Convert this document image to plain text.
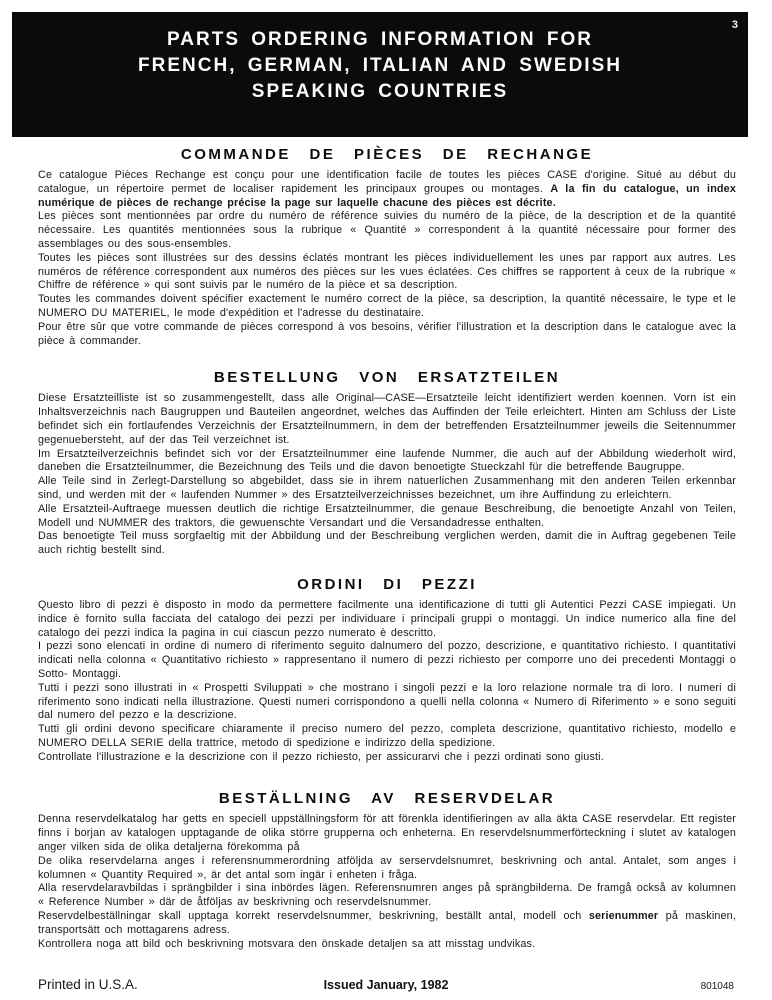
PARTS ORDERING INFORMATION FOR
FRENCH, GERMAN, ITALIAN AND SWEDISH
SPEAKING COUNTRIES
3
COMMANDE DE PIÈCES DE RECHANGE

Ce catalogue Pièces Rechange est conçu pour une identification facile de toutes les pièces CASE d'origine. Situé au début du catalogue, un répertoire permet de localiser rapidement les principaux groupes ou montages. A la fin du catalogue, un index numérique de pièces de rechange précise la page sur laquelle chacune des pièces est décrite.

Les pièces sont mentionnées par ordre du numéro de référence suivies du numéro de la pièce, de la description et de la quantité nécessaire. Les quantités mentionnées sous la rubrique « Quantité » correspondent à la quantité nécessaire pour former des assemblages ou des sous-ensembles.

Toutes les pièces sont illustrées sur des dessins éclatés montrant les pièces individuellement les unes par rapport aux autres. Les numéros de référence correspondent aux numéros des pièces sur les vues éclatées. Ces chiffres se rapportent à ceux de la rubrique « Chiffre de référence » qui sont suivis par le numéro de la pièce et sa description.

Toutes les commandes doivent spécifier exactement le numéro correct de la pièce, sa description, la quantité nécessaire, le type et le NUMERO DU MATERIEL, le mode d'expédition et l'adresse du destinataire.

Pour être sûr que votre commande de pièces correspond à vos besoins, vérifier l'illustration et la description dans le catalogue avec la pièce à commander.

BESTELLUNG VON ERSATZTEILEN

Diese Ersatzteilliste ist so zusammengestellt, dass alle Original—CASE—Ersatzteile leicht identifiziert werden koennen. Vorn ist ein Inhaltsverzeichnis nach Baugruppen und Bauteilen angeordnet, welches das Auffinden der Teile erleichtert. Hinten am Schluss der Liste befindet sich ein fortlaufendes Verzeichnis der Ersatzteilnummern, in dem der betreffenden Ersatzteilnummer jeweils die Seitennummer gegenuebersteht, auf der das Teil verzeichnet ist.

Im Ersatzteilverzeichnis befindet sich vor der Ersatzteilnummer eine laufende Nummer, die auch auf der Abbildung wiederholt wird, daneben die Ersatzteilnummer, die Bezeichnung des Teils und die davon benoetigte Stueckzahl für die betreffende Baugruppe.

Alle Teile sind in Zerlegt-Darstellung so abgebildet, dass sie in ihrem natuerlichen Zusammenhang mit den anderen Teilen erkennbar sind, und werden mit der « laufenden Nummer » des Ersatzteilverzeichnisses bezeichnet, um ihre Auffindung zu erleichtern.

Alle Ersatzteil-Auftraege muessen deutlich die richtige Ersatzteilnummer, die genaue Beschreibung, die benoetigte Anzahl von Teilen, Modell und NUMMER des traktors, die gewuenschte Versandart und die Versandadresse enthalten.

Das benoetigte Teil muss sorgfaeltig mit der Abbildung und der Beschreibung verglichen werden, damit die in Auftrag gegebenen Teile auch richtig bestellt sind.

ORDINI DI PEZZI

Questo libro di pezzi è disposto in modo da permettere facilmente una identificazione di tutti gli Autentici Pezzi CASE impiegati. Un indice è fornito sulla facciata del catalogo dei pezzi per individuare i principali gruppi o montaggi. Un indice numerico alla fine del catalogo dei pezzi indica la pagina in cui ciascun pezzo numerato è descritto.

I pezzi sono elencati in ordine di numero di riferimento seguito dalnumero del pozzo, descrizione, e quantitativo richiesto. I quantitativi indicati nella colonna « Quantitativo richiesto » rappresentano il numero di pezzi richiesto per comporre uno dei precedenti Montaggi o Sotto- Montaggi.

Tutti i pezzi sono illustrati in « Prospetti Sviluppati » che mostrano i singoli pezzi e la loro relazione normale tra di loro. I numeri di riferimento sono indicati nella illustrazione. Questi numeri corrispondono a quelli nella colonna « Numero di Riferimento » e sono seguiti dal numero del pezzo e la descrizione.

Tutti gli ordini devono specificare chiaramente il preciso numero del pezzo, completa descrizione, quantitativo richiesto, modello e NUMERO DELLA SERIE della trattrice, metodo di spedizione e indirizzo della spedizione.

Controllate l'illustrazione e la descrizione con il pezzo richiesto, per assicurarvi che i pezzi ordinati sono giusti.

BESTÄLLNING AV RESERVDELAR

Denna reservdelkatalog har getts en speciell uppställningsform för att förenkla identifieringen av alla äkta CASE reservdelar. Ett register finns i borjan av katalogen upptagande de olika större grupperna och enheterna. En reservdelsnummerförteckning i slutet av katalogen anger vilken sida de olika detaljerna förekomma på

De olika reservdelarna anges i referensnummerordning atföljda av serservdelsnumret, beskrivning och antal. Antalet, som anges i kolumnen « Quantity Required », är det antal som ingär i enheten i fråga.

Alla reservdelaravbildas i sprängbilder i sina inbördes lägen. Referensnumren anges på sprängbilderna. De framgå också av kolumnen « Reference Number » där de åtföljas av beskrivning och reservdelsnummer.

Reservdelbeställningar skall upptaga korrekt reservdelsnummer, beskrivning, beställt antal, modell och serienummer på maskinen, transportsätt och mottagarens adress.

Kontrollera noga att bild och beskrivning motsvara den önskade detaljen sa att misstag undvikas.

Printed in U.S.A.	Issued January, 1982	801048
